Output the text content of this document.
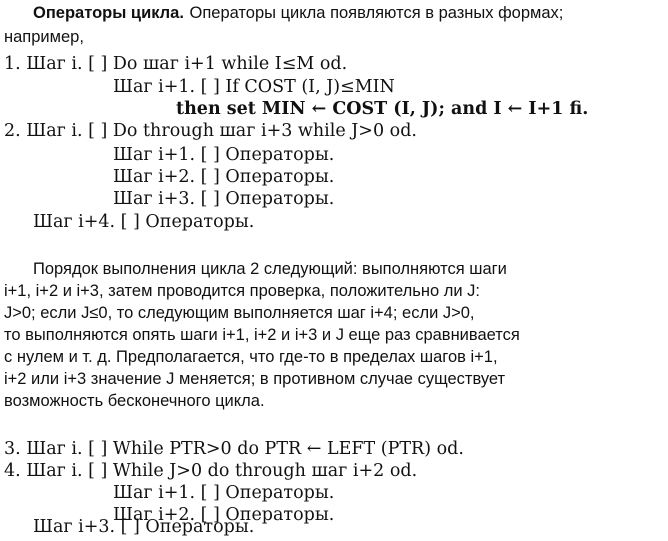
Операторы цикла. Операторы цикла появляются в разных формах;
например,
1. Шаг i. [ ] Do шаг i+1 while I≤M od.
Шаг i+1. [ ] If COST (I, J)≤MIN
then set MIN ← COST (I, J); and I ← I+1 fi.
2. Шаг i. [ ] Do through шаг i+3 while J>0 od.
Шаг i+1. [ ] Операторы.
Шаг i+2. [ ] Операторы.
Шаг i+3. [ ] Операторы.
Шаг i+4. [ ] Операторы.
Порядок выполнения цикла 2 следующий: выполняются шаги
i+1, i+2 и i+3, затем проводится проверка, положительно ли J:
J>0; если J≤0, то следующим выполняется шаг i+4; если J>0,
то выполняются опять шаги i+1, i+2 и i+3 и J еще раз сравнивается
с нулем и т. д. Предполагается, что где-то в пределах шагов i+1,
i+2 или i+3 значение J меняется; в противном случае существует
возможность бесконечного цикла.
3. Шаг i. [ ] While PTR>0 do PTR ← LEFT (PTR) od.
4. Шаг i. [ ] While J>0 do through шаг i+2 od.
Шаг i+1. [ ] Операторы.
Шаг i+2. [ ] Операторы.
Шаг i+3. [ ] Операторы.
